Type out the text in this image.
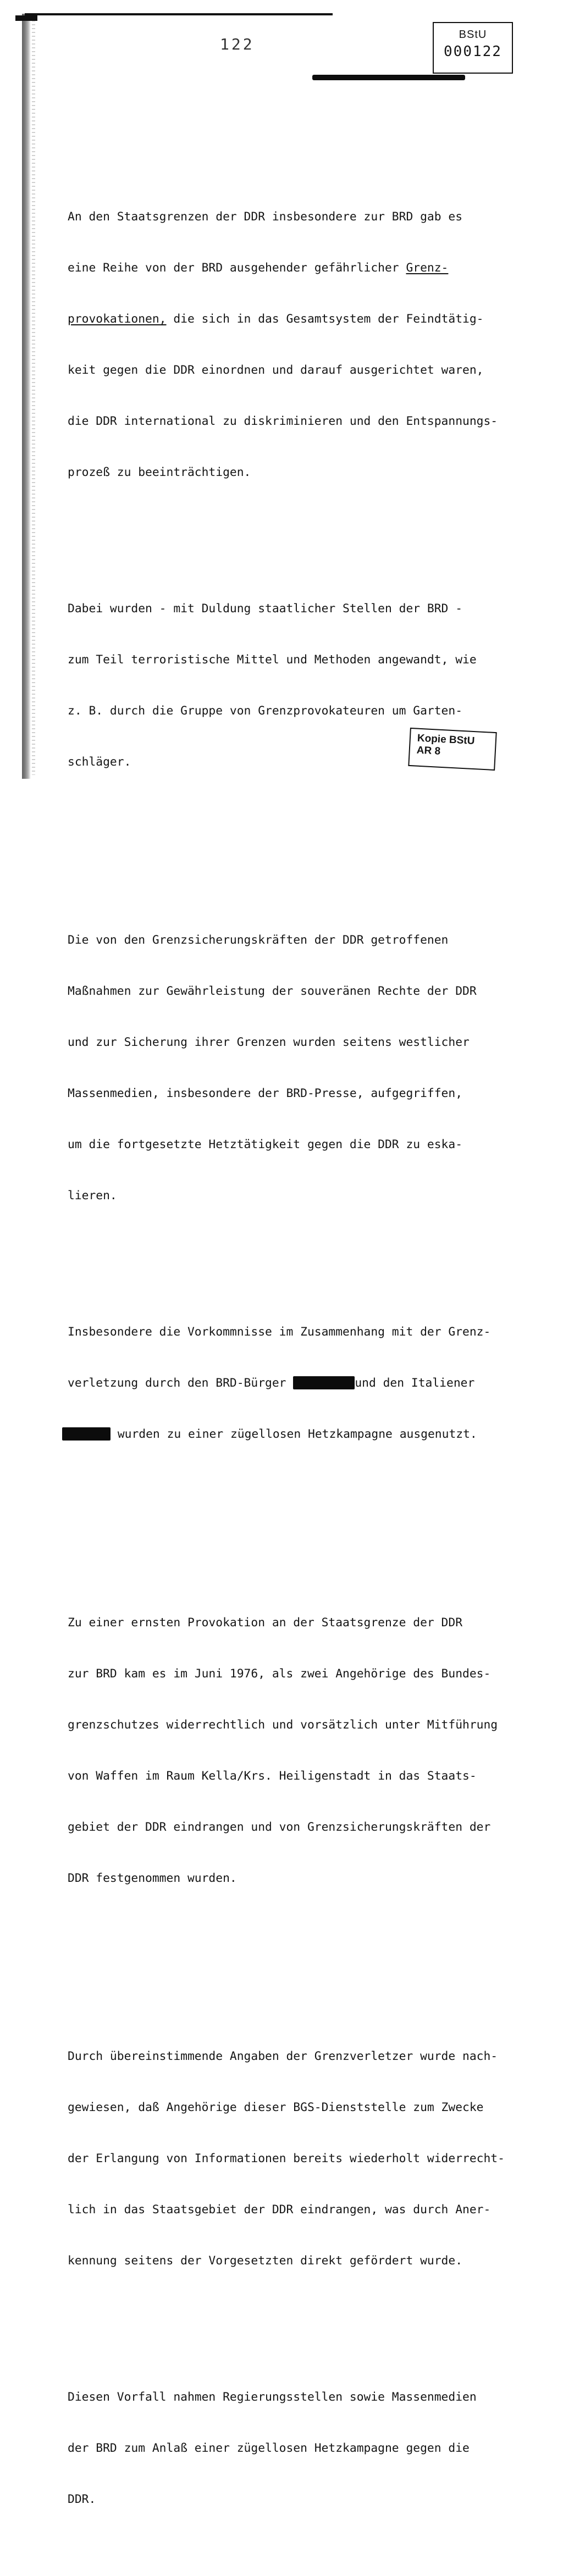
122
BStU
000122

An den Staatsgrenzen der DDR insbesondere zur BRD gab es

eine Reihe von der BRD ausgehender gefährlicher Grenz-

provokationen, die sich in das Gesamtsystem der Feindtätig-

keit gegen die DDR einordnen und darauf ausgerichtet waren,

die DDR international zu diskriminieren und den Entspannungs-

prozeß zu beeinträchtigen.

Dabei wurden - mit Duldung staatlicher Stellen der BRD -

zum Teil terroristische Mittel und Methoden angewandt, wie

z. B. durch die Gruppe von Grenzprovokateuren um Garten-

schläger.

Die von den Grenzsicherungskräften der DDR getroffenen

Maßnahmen zur Gewährleistung der souveränen Rechte der DDR

und zur Sicherung ihrer Grenzen wurden seitens westlicher

Massenmedien, insbesondere der BRD-Presse, aufgegriffen,

um die fortgesetzte Hetztätigkeit gegen die DDR zu eska-

lieren.

Insbesondere die Vorkommnisse im Zusammenhang mit der Grenz-

verletzung durch den BRD-Bürger	und den Italiener

wurden zu einer zügellosen Hetzkampagne ausgenutzt.

Zu einer ernsten Provokation an der Staatsgrenze der DDR

zur BRD kam es im Juni 1976, als zwei Angehörige des Bundes-

grenzschutzes widerrechtlich und vorsätzlich unter Mitführung

von Waffen im Raum Kella/Krs. Heiligenstadt in das Staats-

gebiet der DDR eindrangen und von Grenzsicherungskräften der

DDR festgenommen wurden.

Durch übereinstimmende Angaben der Grenzverletzer wurde nach-

gewiesen, daß Angehörige dieser BGS-Dienststelle zum Zwecke

der Erlangung von Informationen bereits wiederholt widerrecht-

lich in das Staatsgebiet der DDR eindrangen, was durch Aner-

kennung seitens der Vorgesetzten direkt gefördert wurde.

Diesen Vorfall nahmen Regierungsstellen sowie Massenmedien

der BRD zum Anlaß einer zügellosen Hetzkampagne gegen die

DDR.

Kopie BStU
AR 8
